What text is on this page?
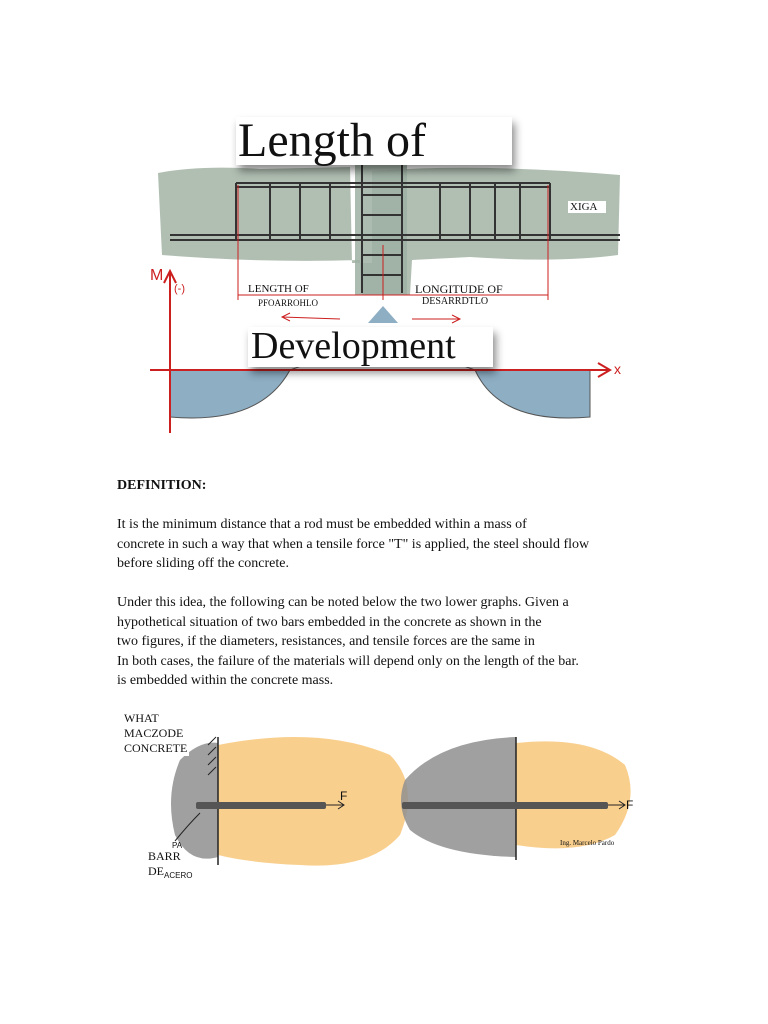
Length of
Development
XIGA
LENGTH OF
PFOARROHLO
LONGITUDE OF
DESARRDTLO
M
(-)
x
DEFINITION:
It is the minimum distance that a rod must be embedded within a mass of
concrete in such a way that when a tensile force "T" is applied, the steel should flow
before sliding off the concrete.
Under this idea, the following can be noted below the two lower graphs. Given a
hypothetical situation of two bars embedded in the concrete as shown in the
two figures, if the diameters, resistances, and tensile forces are the same in
In both cases, the failure of the materials will depend only on the length of the bar.
is embedded within the concrete mass.
WHAT
MACZODE
CONCRETE
BARR
DE
PA
ACERO
F
F
Ing. Marcelo Pardo
